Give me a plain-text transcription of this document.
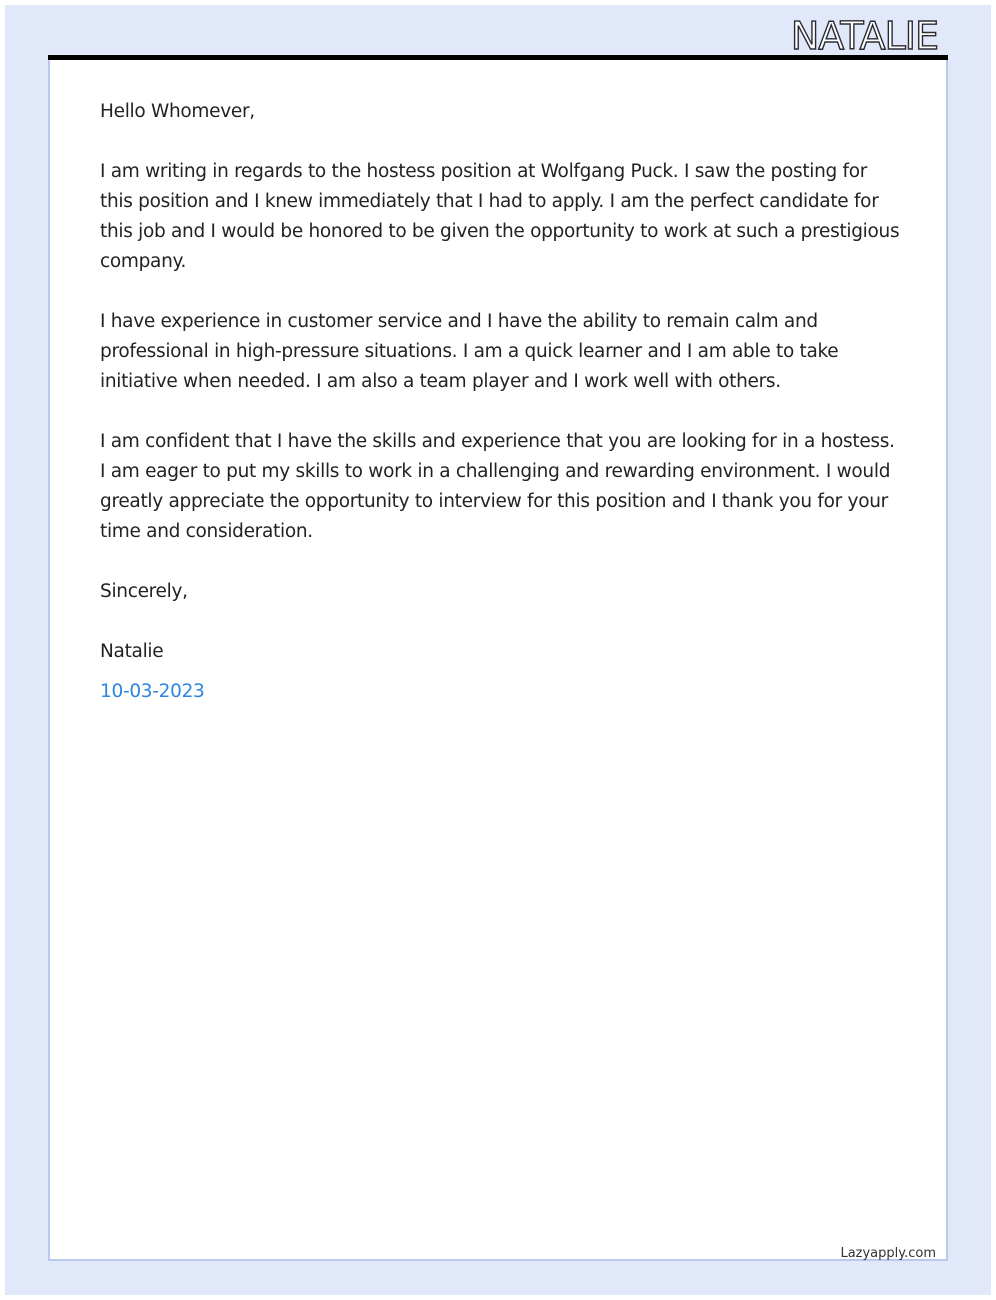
NATALIE

Hello Whomever,

I am writing in regards to the hostess position at Wolfgang Puck. I saw the posting for this position and I knew immediately that I had to apply. I am the perfect candidate for this job and I would be honored to be given the opportunity to work at such a prestigious company.

I have experience in customer service and I have the ability to remain calm and professional in high-pressure situations. I am a quick learner and I am able to take initiative when needed. I am also a team player and I work well with others.

I am confident that I have the skills and experience that you are looking for in a hostess. I am eager to put my skills to work in a challenging and rewarding environment. I would greatly appreciate the opportunity to interview for this position and I thank you for your time and consideration.

Sincerely,

Natalie

10-03-2023

Lazyapply.com
